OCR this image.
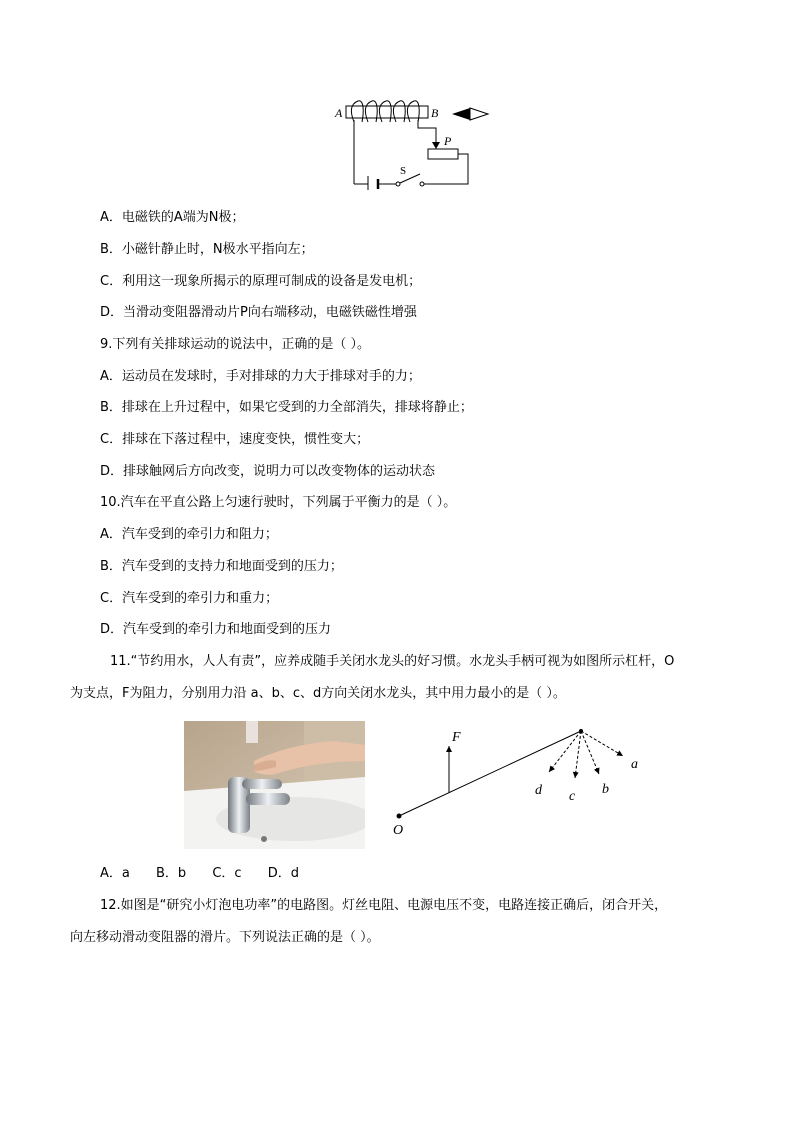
A	B
S
P
A．电磁铁的A端为N极；
B．小磁针静止时，N极水平指向左；
C．利用这一现象所揭示的原理可制成的设备是发电机；
D．当滑动变阻器滑动片P向右端移动，电磁铁磁性增强
9.下列有关排球运动的说法中，正确的是（ ）。
A．运动员在发球时，手对排球的力大于排球对手的力；
B．排球在上升过程中，如果它受到的力全部消失，排球将静止；
C．排球在下落过程中，速度变快，惯性变大；
D．排球触网后方向改变，说明力可以改变物体的运动状态
10.汽车在平直公路上匀速行驶时，下列属于平衡力的是（ ）。
A．汽车受到的牵引力和阻力；
B．汽车受到的支持力和地面受到的压力；
C．汽车受到的牵引力和重力；
D．汽车受到的牵引力和地面受到的压力
11.“节约用水，人人有责”，应养成随手关闭水龙头的好习惯。水龙头手柄可视为如图所示杠杆，O
为支点，F为阻力，分别用力沿 a、b、c、d方向关闭水龙头，其中用力最小的是（ ）。
F
O
a
b
c
d
A．a B．b C．c D．d
12.如图是“研究小灯泡电功率”的电路图。灯丝电阻、电源电压不变，电路连接正确后，闭合开关，
向左移动滑动变阻器的滑片。下列说法正确的是（ ）。
